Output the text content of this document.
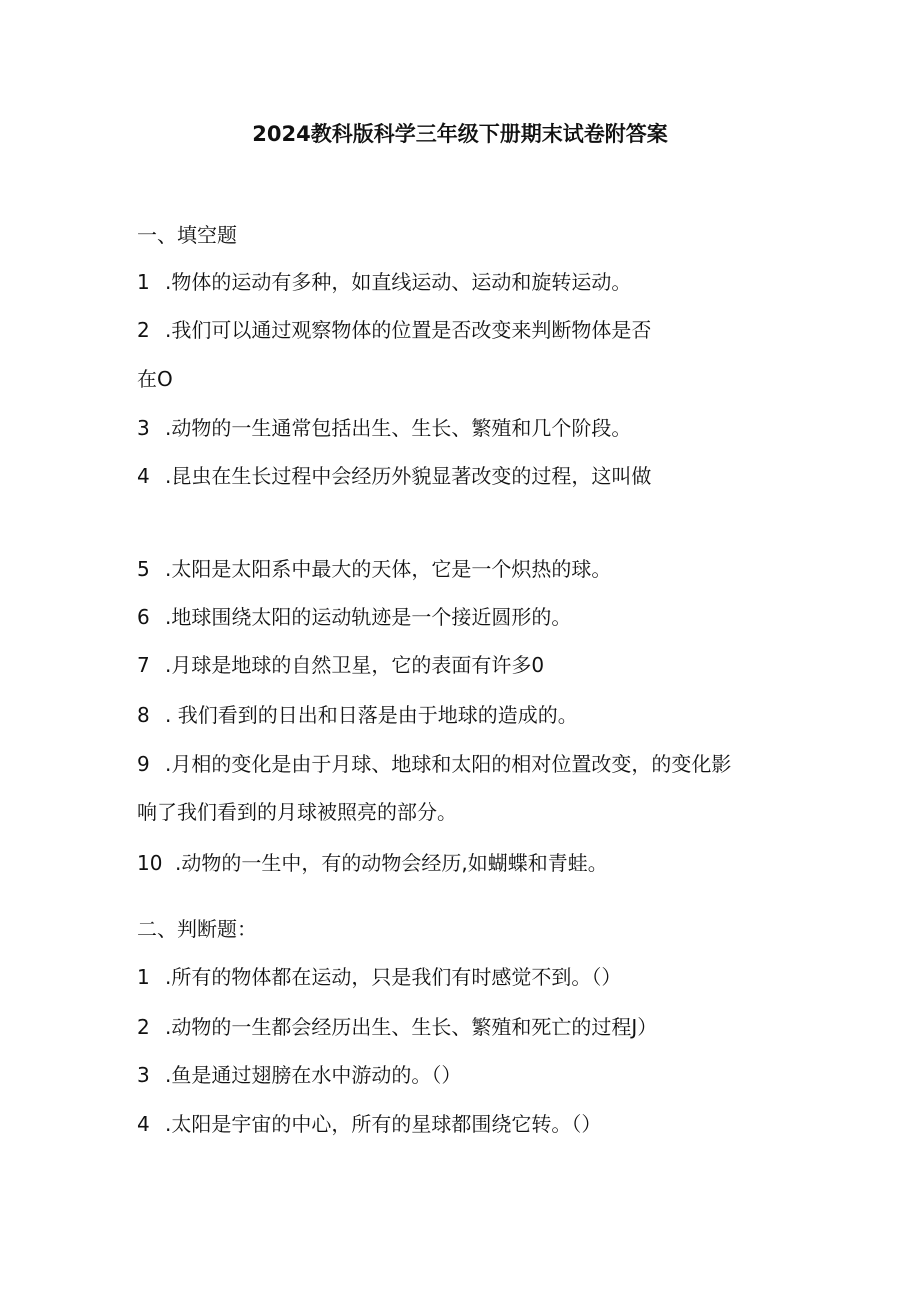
2024教科版科学三年级下册期末试卷附答案
一、填空题
1 .物体的运动有多种，如直线运动、运动和旋转运动。
2 .我们可以通过观察物体的位置是否改变来判断物体是否
在O
3 .动物的一生通常包括出生、生长、繁殖和几个阶段。
4 .昆虫在生长过程中会经历外貌显著改变的过程，这叫做
5 .太阳是太阳系中最大的天体，它是一个炽热的球。
6 .地球围绕太阳的运动轨迹是一个接近圆形的。
7 .月球是地球的自然卫星，它的表面有许多0
8 . 我们看到的日出和日落是由于地球的造成的。
9 .月相的变化是由于月球、地球和太阳的相对位置改变，的变化影
响了我们看到的月球被照亮的部分。
10 .动物的一生中，有的动物会经历,如蝴蝶和青蛙。
二、判断题：
1 .所有的物体都在运动，只是我们有时感觉不到。（）
2 .动物的一生都会经历出生、生长、繁殖和死亡的过程J）
3 .鱼是通过翅膀在水中游动的。（）
4 .太阳是宇宙的中心，所有的星球都围绕它转。（）
